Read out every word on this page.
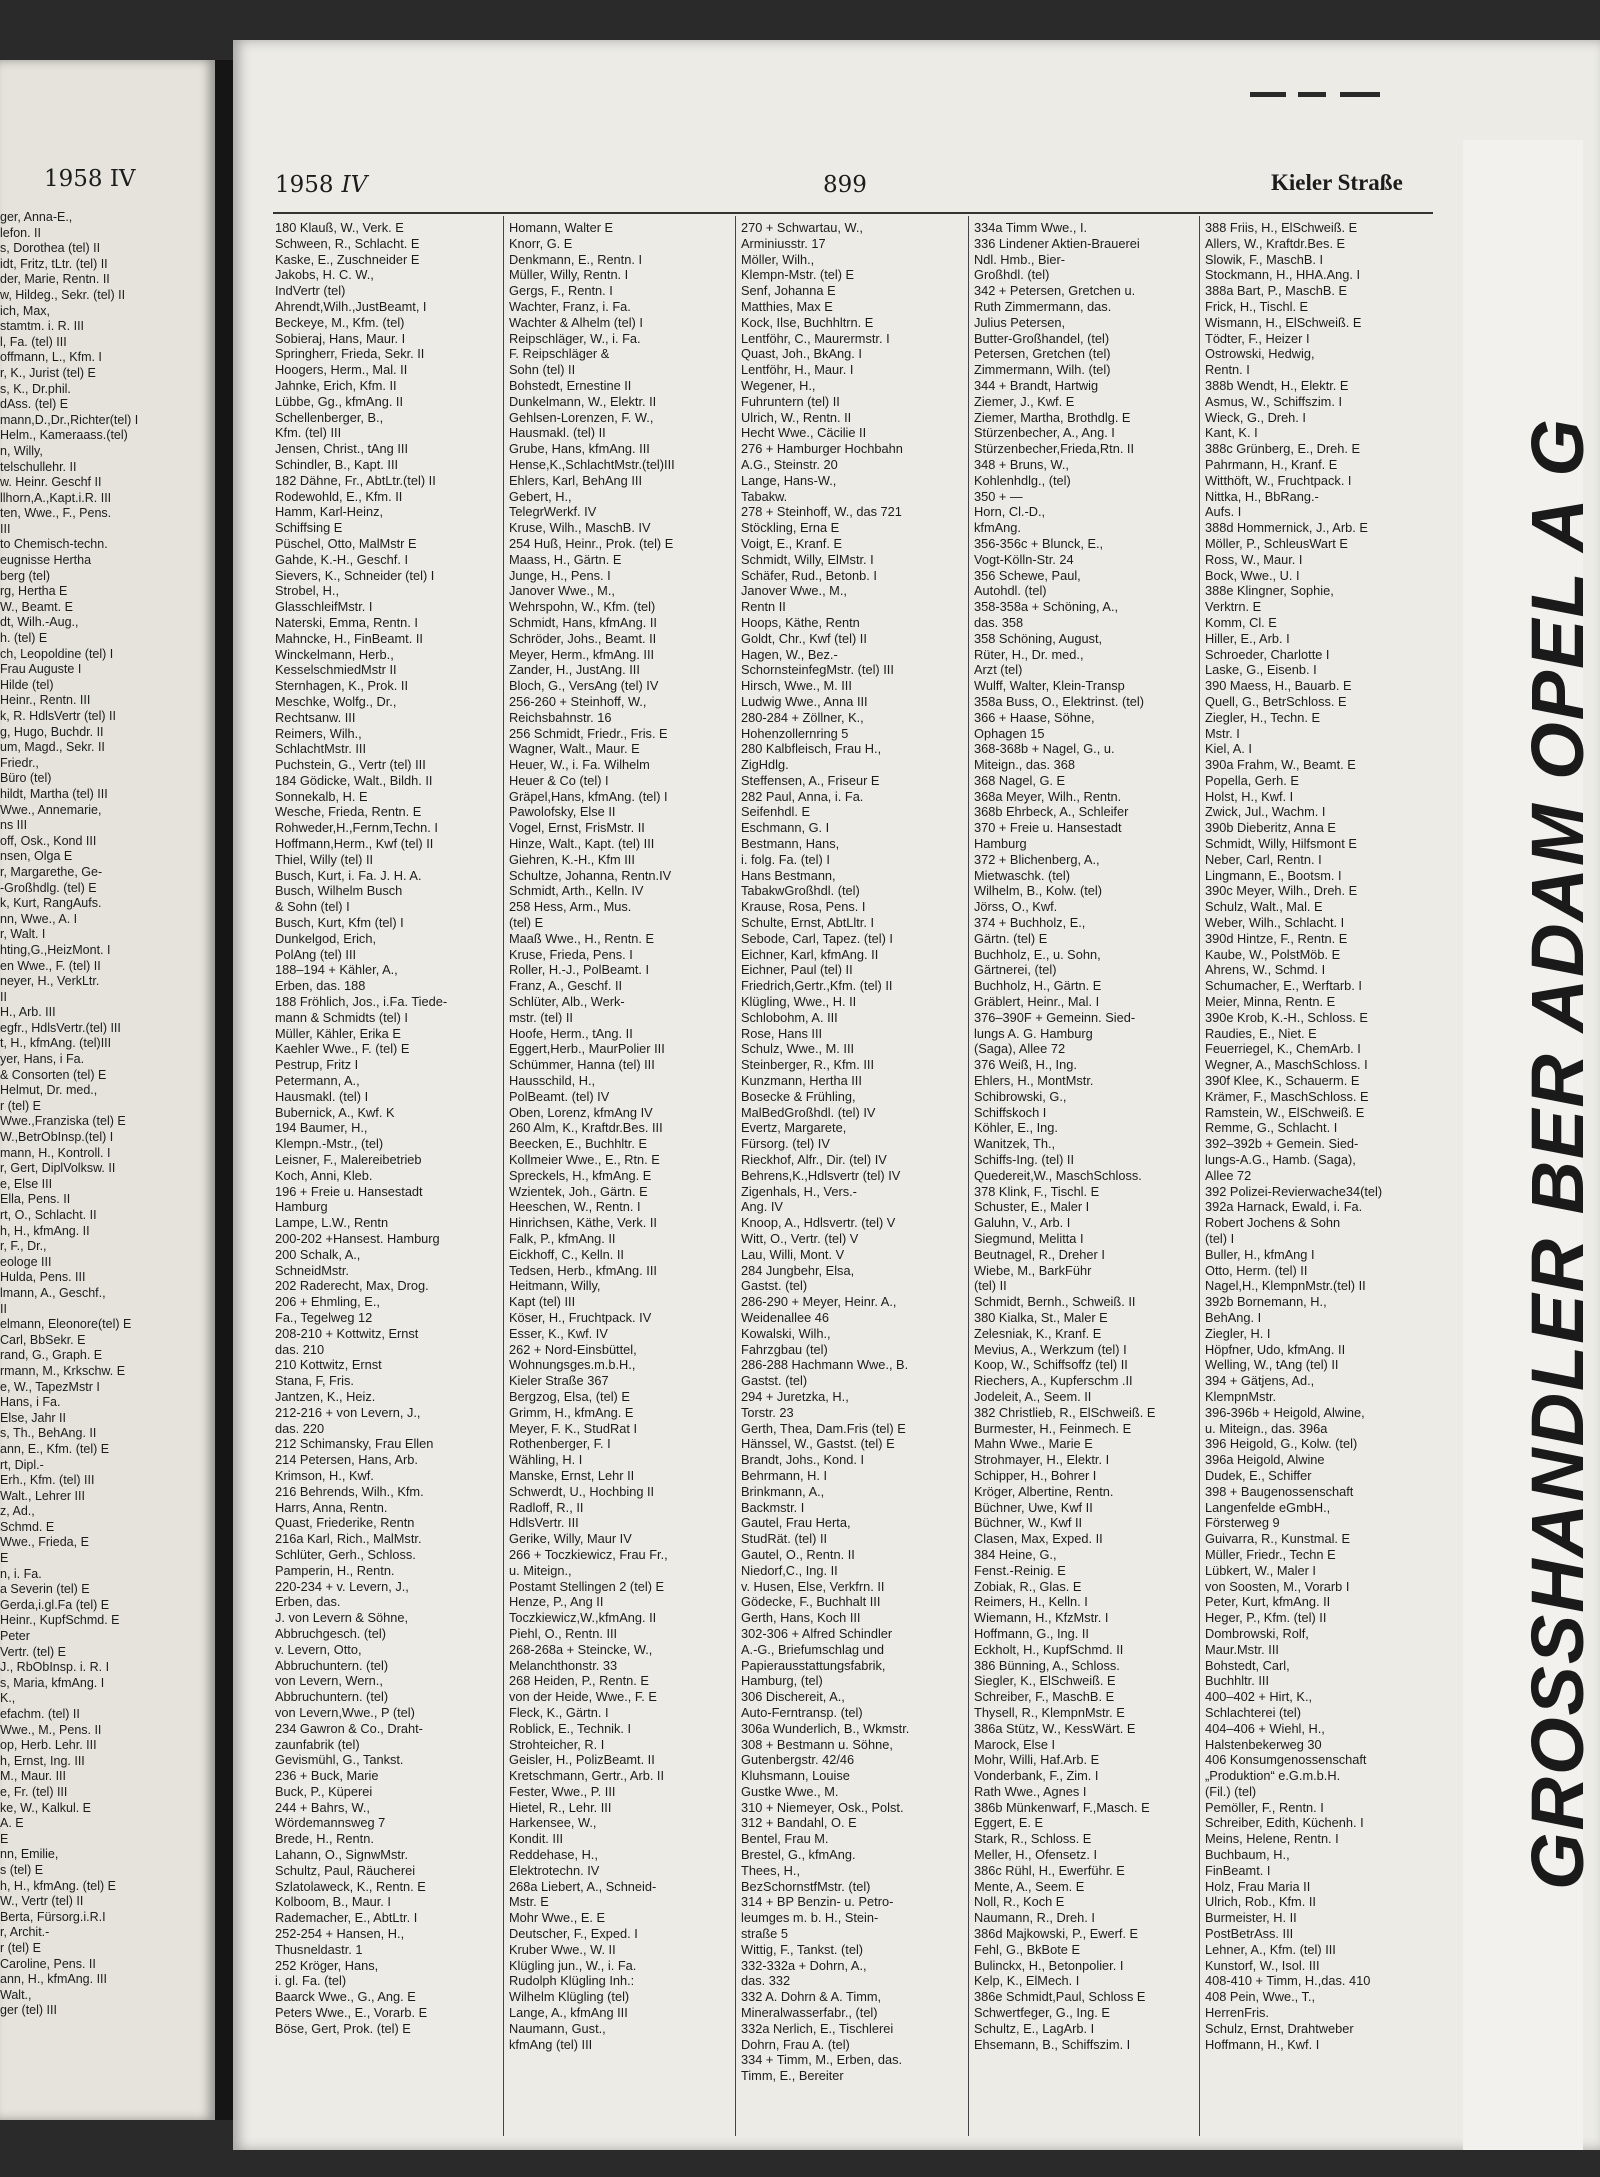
1958 IV
ger, Anna-E.,
lefon. II
s, Dorothea (tel) II
idt, Fritz, tLtr. (tel) II
der, Marie, Rentn. II
w, Hildeg., Sekr. (tel) II
ich, Max,
stamtm. i. R. III
l, Fa. (tel) III
offmann, L., Kfm. I
r, K., Jurist (tel) E
s, K., Dr.phil.
dAss. (tel) E
mann,D.,Dr.,Richter(tel) I
Helm., Kameraass.(tel)
n, Willy,
telschullehr. II
w. Heinr. Geschf II
llhorn,A.,Kapt.i.R. III
ten, Wwe., F., Pens.
III
to Chemisch-techn.
eugnisse Hertha
berg (tel)
rg, Hertha E
W., Beamt. E
dt, Wilh.-Aug.,
h. (tel) E
ch, Leopoldine (tel) I
Frau Auguste I
Hilde (tel)
Heinr., Rentn. III
k, R. HdlsVertr (tel) II
g, Hugo, Buchdr. II
um, Magd., Sekr. II
Friedr.,
Büro (tel)
hildt, Martha (tel) III
Wwe., Annemarie,
ns III
off, Osk., Kond III
nsen, Olga E
r, Margarethe, Ge-
-Großhdlg. (tel) E
k, Kurt, RangAufs.
nn, Wwe., A. I
r, Walt. I
hting,G.,HeizMont. I
en Wwe., F. (tel) II
neyer, H., VerkLtr.
II
H., Arb. III
egfr., HdlsVertr.(tel) III
t, H., kfmAng. (tel)III
yer, Hans, i Fa.
& Consorten (tel) E
Helmut, Dr. med.,
r (tel) E
Wwe.,Franziska (tel) E
W.,BetrObInsp.(tel) I
mann, H., Kontroll. I
r, Gert, DiplVolksw. II
e, Else III
Ella, Pens. II
rt, O., Schlacht. II
h, H., kfmAng. II
r, F., Dr.,
eologe III
Hulda, Pens. III
lmann, A., Geschf.,
II
elmann, Eleonore(tel) E
Carl, BbSekr. E
rand, G., Graph. E
rmann, M., Krkschw. E
e, W., TapezMstr I
Hans, i Fa.
Else, Jahr II
s, Th., BehAng. II
ann, E., Kfm. (tel) E
rt, Dipl.-
Erh., Kfm. (tel) III
Walt., Lehrer III
z, Ad.,
Schmd. E
Wwe., Frieda, E
E
n, i. Fa.
a Severin (tel) E
Gerda,i.gl.Fa (tel) E
Heinr., KupfSchmd. E
Peter
Vertr. (tel) E
J., RbObInsp. i. R. I
s, Maria, kfmAng. I
K.,
efachm. (tel) II
Wwe., M., Pens. II
op, Herb. Lehr. III
h, Ernst, Ing. III
M., Maur. III
e, Fr. (tel) III
ke, W., Kalkul. E
A. E
E
nn, Emilie,
s (tel) E
h, H., kfmAng. (tel) E
W., Vertr (tel) II
Berta, Fürsorg.i.R.I
r, Archit.-
r (tel) E
Caroline, Pens. II
ann, H., kfmAng. III
Walt.,
ger (tel) III
1958 IV	899	Kieler Straße
180 Klauß, W., Verk. E
Schween, R., Schlacht. E
Kaske, E., Zuschneider E
Jakobs, H. C. W.,
IndVertr (tel)
Ahrendt,Wilh.,JustBeamt, I
Beckeye, M., Kfm. (tel)
Sobieraj, Hans, Maur. I
Springherr, Frieda, Sekr. II
Hoogers, Herm., Mal. II
Jahnke, Erich, Kfm. II
Lübbe, Gg., kfmAng. II
Schellenberger, B.,
Kfm. (tel) III
Jensen, Christ., tAng III
Schindler, B., Kapt. III
182 Dähne, Fr., AbtLtr.(tel) II
Rodewohld, E., Kfm. II
Hamm, Karl-Heinz,
Schiffsing E
Püschel, Otto, MalMstr E
Gahde, K.-H., Geschf. I
Sievers, K., Schneider (tel) I
Strobel, H.,
GlasschleifMstr. I
Naterski, Emma, Rentn. I
Mahncke, H., FinBeamt. II
Winckelmann, Herb.,
KesselschmiedMstr II
Sternhagen, K., Prok. II
Meschke, Wolfg., Dr.,
Rechtsanw. III
Reimers, Wilh.,
SchlachtMstr. III
Puchstein, G., Vertr (tel) III
184 Gödicke, Walt., Bildh. II
Sonnekalb, H. E
Wesche, Frieda, Rentn. E
Rohweder,H.,Fernm,Techn. I
Hoffmann,Herm., Kwf (tel) II
Thiel, Willy (tel) II
Busch, Kurt, i. Fa. J. H. A.
Busch, Wilhelm Busch
& Sohn (tel) I
Busch, Kurt, Kfm (tel) I
Dunkelgod, Erich,
PolAng (tel) III
188–194 + Kähler, A.,
Erben, das. 188
188 Fröhlich, Jos., i.Fa. Tiede-
mann & Schmidts (tel) I
Müller, Kähler, Erika E
Kaehler Wwe., F. (tel) E
Pestrup, Fritz I
Petermann, A.,
Hausmakl. (tel) I
Bubernick, A., Kwf. K
194 Baumer, H.,
Klempn.-Mstr., (tel)
Leisner, F., Malereibetrieb
Koch, Anni, Kleb.
196 + Freie u. Hansestadt
Hamburg
Lampe, L.W., Rentn
200-202 +Hansest. Hamburg
200 Schalk, A.,
SchneidMstr.
202 Raderecht, Max, Drog.
206 + Ehmling, E.,
Fa., Tegelweg 12
208-210 + Kottwitz, Ernst
das. 210
210 Kottwitz, Ernst
Stana, F, Fris.
Jantzen, K., Heiz.
212-216 + von Levern, J.,
das. 220
212 Schimansky, Frau Ellen
214 Petersen, Hans, Arb.
Krimson, H., Kwf.
216 Behrends, Wilh., Kfm.
Harrs, Anna, Rentn.
Quast, Friederike, Rentn
216a Karl, Rich., MalMstr.
Schlüter, Gerh., Schloss.
Pamperin, H., Rentn.
220-234 + v. Levern, J.,
Erben, das.
J. von Levern & Söhne,
Abbruchgesch. (tel)
v. Levern, Otto,
Abbruchuntern. (tel)
von Levern, Wern.,
Abbruchuntern. (tel)
von Levern,Wwe., P (tel)
234 Gawron & Co., Draht-
zaunfabrik (tel)
Gevismühl, G., Tankst.
236 + Buck, Marie
Buck, P., Küperei
244 + Bahrs, W.,
Wördemannsweg 7
Brede, H., Rentn.
Lahann, O., SignwMstr.
Schultz, Paul, Räucherei
Szlatolaweck, K., Rentn. E
Kolboom, B., Maur. I
Rademacher, E., AbtLtr. I
252-254 + Hansen, H.,
Thusneldastr. 1
252 Kröger, Hans,
i. gl. Fa. (tel)
Baarck Wwe., G., Ang. E
Peters Wwe., E., Vorarb. E
Böse, Gert, Prok. (tel) E
Homann, Walter E
Knorr, G. E
Denkmann, E., Rentn. I
Müller, Willy, Rentn. I
Gergs, F., Rentn. I
Wachter, Franz, i. Fa.
Wachter & Alhelm (tel) I
Reipschläger, W., i. Fa.
F. Reipschläger &
Sohn (tel) II
Bohstedt, Ernestine II
Dunkelmann, W., Elektr. II
Gehlsen-Lorenzen, F. W.,
Hausmakl. (tel) II
Grube, Hans, kfmAng. III
Hense,K.,SchlachtMstr.(tel)III
Ehlers, Karl, BehAng III
Gebert, H.,
TelegrWerkf. IV
Kruse, Wilh., MaschB. IV
254 Huß, Heinr., Prok. (tel) E
Maass, H., Gärtn. E
Junge, H., Pens. I
Janover Wwe., M.,
Wehrspohn, W., Kfm. (tel)
Schmidt, Hans, kfmAng. II
Schröder, Johs., Beamt. II
Meyer, Herm., kfmAng. III
Zander, H., JustAng. III
Bloch, G., VersAng (tel) IV
256-260 + Steinhoff, W.,
Reichsbahnstr. 16
256 Schmidt, Friedr., Fris. E
Wagner, Walt., Maur. E
Heuer, W., i. Fa. Wilhelm
Heuer & Co (tel) I
Gräpel,Hans, kfmAng. (tel) I
Pawolofsky, Else II
Vogel, Ernst, FrisMstr. II
Hinze, Walt., Kapt. (tel) III
Giehren, K.-H., Kfm III
Schultze, Johanna, Rentn.IV
Schmidt, Arth., Kelln. IV
258 Hess, Arm., Mus.
(tel) E
Maaß Wwe., H., Rentn. E
Kruse, Frieda, Pens. I
Roller, H.-J., PolBeamt. I
Franz, A., Geschf. II
Schlüter, Alb., Werk-
mstr. (tel) II
Hoofe, Herm., tAng. II
Eggert,Herb., MaurPolier III
Schümmer, Hanna (tel) III
Hausschild, H.,
PolBeamt. (tel) IV
Oben, Lorenz, kfmAng IV
260 Alm, K., Kraftdr.Bes. III
Beecken, E., Buchhltr. E
Kollmeier Wwe., E., Rtn. E
Spreckels, H., kfmAng. E
Wzientek, Joh., Gärtn. E
Heeschen, W., Rentn. I
Hinrichsen, Käthe, Verk. II
Falk, P., kfmAng. II
Eickhoff, C., Kelln. II
Tedsen, Herb., kfmAng. III
Heitmann, Willy,
Kapt (tel) III
Köser, H., Fruchtpack. IV
Esser, K., Kwf. IV
262 + Nord-Einsbüttel,
Wohnungsges.m.b.H.,
Kieler Straße 367
Bergzog, Elsa, (tel) E
Grimm, H., kfmAng. E
Meyer, F. K., StudRat I
Rothenberger, F. I
Wähling, H. I
Manske, Ernst, Lehr II
Schwerdt, U., Hochbing II
Radloff, R., II
HdlsVertr. III
Gerike, Willy, Maur IV
266 + Toczkiewicz, Frau Fr.,
u. Miteign.,
Postamt Stellingen 2 (tel) E
Henze, P., Ang II
Toczkiewicz,W.,kfmAng. II
Piehl, O., Rentn. III
268-268a + Steincke, W.,
Melanchthonstr. 33
268 Heiden, P., Rentn. E
von der Heide, Wwe., F. E
Fleck, K., Gärtn. I
Roblick, E., Technik. I
Strohteicher, R. I
Geisler, H., PolizBeamt. II
Kretschmann, Gertr., Arb. II
Fester, Wwe., P. III
Hietel, R., Lehr. III
Harkensee, W.,
Kondit. III
Reddehase, H.,
Elektrotechn. IV
268a Liebert, A., Schneid-
Mstr. E
Mohr Wwe., E. E
Deutscher, F., Exped. I
Kruber Wwe., W. II
Klügling jun., W., i. Fa.
Rudolph Klügling Inh.:
Wilhelm Klügling (tel)
Lange, A., kfmAng III
Naumann, Gust.,
kfmAng (tel) III
270 + Schwartau, W.,
Arminiusstr. 17
Möller, Wilh.,
Klempn-Mstr. (tel) E
Senf, Johanna E
Matthies, Max E
Kock, Ilse, Buchhltrn. E
Lentföhr, C., Maurermstr. I
Quast, Joh., BkAng. I
Lentföhr, H., Maur. I
Wegener, H.,
Fuhruntern (tel) II
Ulrich, W., Rentn. II
Hecht Wwe., Cäcilie II
276 + Hamburger Hochbahn
A.G., Steinstr. 20
Lange, Hans-W.,
Tabakw.
278 + Steinhoff, W., das 721
Stöckling, Erna E
Voigt, E., Kranf. E
Schmidt, Willy, ElMstr. I
Schäfer, Rud., Betonb. I
Janover Wwe., M.,
Rentn II
Hoops, Käthe, Rentn
Goldt, Chr., Kwf (tel) II
Hagen, W., Bez.-
SchornsteinfegMstr. (tel) III
Hirsch, Wwe., M. III
Ludwig Wwe., Anna III
280-284 + Zöllner, K.,
Hohenzollernring 5
280 Kalbfleisch, Frau H.,
ZigHdlg.
Steffensen, A., Friseur E
282 Paul, Anna, i. Fa.
Seifenhdl. E
Eschmann, G. I
Bestmann, Hans,
i. folg. Fa. (tel) I
Hans Bestmann,
TabakwGroßhdl. (tel)
Krause, Rosa, Pens. I
Schulte, Ernst, AbtLltr. I
Sebode, Carl, Tapez. (tel) I
Eichner, Karl, kfmAng. II
Eichner, Paul (tel) II
Friedrich,Gertr.,Kfm. (tel) II
Klügling, Wwe., H. II
Schlobohm, A. III
Rose, Hans III
Schulz, Wwe., M. III
Steinberger, R., Kfm. III
Kunzmann, Hertha III
Bosecke & Frühling,
MalBedGroßhdl. (tel) IV
Evertz, Margarete,
Fürsorg. (tel) IV
Rieckhof, Alfr., Dir. (tel) IV
Behrens,K.,Hdlsvertr (tel) IV
Zigenhals, H., Vers.-
Ang. IV
Knoop, A., Hdlsvertr. (tel) V
Witt, O., Vertr. (tel) V
Lau, Willi, Mont. V
284 Jungbehr, Elsa,
Gastst. (tel)
286-290 + Meyer, Heinr. A.,
Weidenallee 46
Kowalski, Wilh.,
Fahrzgbau (tel)
286-288 Hachmann Wwe., B.
Gastst. (tel)
294 + Juretzka, H.,
Torstr. 23
Gerth, Thea, Dam.Fris (tel) E
Hänssel, W., Gastst. (tel) E
Brandt, Johs., Kond. I
Behrmann, H. I
Brinkmann, A.,
Backmstr. I
Gautel, Frau Herta,
StudRät. (tel) II
Gautel, O., Rentn. II
Niedorf,C., Ing. II
v. Husen, Else, Verkfrn. II
Gödecke, F., Buchhalt III
Gerth, Hans, Koch III
302-306 + Alfred Schindler
A.-G., Briefumschlag und
Papierausstattungsfabrik,
Hamburg, (tel)
306 Dischereit, A.,
Auto-Ferntransp. (tel)
306a Wunderlich, B., Wkmstr.
308 + Bestmann u. Söhne,
Gutenbergstr. 42/46
Kluhsmann, Louise
Gustke Wwe., M.
310 + Niemeyer, Osk., Polst.
312 + Bandahl, O. E
Bentel, Frau M.
Brestel, G., kfmAng.
Thees, H.,
BezSchornstfMstr. (tel)
314 + BP Benzin- u. Petro-
leumges m. b. H., Stein-
straße 5
Wittig, F., Tankst. (tel)
332-332a + Dohrn, A.,
das. 332
332 A. Dohrn & A. Timm,
Mineralwasserfabr., (tel)
332a Nerlich, E., Tischlerei
Dohrn, Frau A. (tel)
334 + Timm, M., Erben, das.
Timm, E., Bereiter
334a Timm Wwe., I.
336 Lindener Aktien-Brauerei
Ndl. Hmb., Bier-
Großhdl. (tel)
342 + Petersen, Gretchen u.
Ruth Zimmermann, das.
Julius Petersen,
Butter-Großhandel, (tel)
Petersen, Gretchen (tel)
Zimmermann, Wilh. (tel)
344 + Brandt, Hartwig
Ziemer, J., Kwf. E
Ziemer, Martha, Brothdlg. E
Stürzenbecher, A., Ang. I
Stürzenbecher,Frieda,Rtn. II
348 + Bruns, W.,
Kohlenhdlg., (tel)
350 + —
Horn, Cl.-D.,
kfmAng.
356-356c + Blunck, E.,
Vogt-Kölln-Str. 24
356 Schewe, Paul,
Autohdl. (tel)
358-358a + Schöning, A.,
das. 358
358 Schöning, August,
Rüter, H., Dr. med.,
Arzt (tel)
Wulff, Walter, Klein-Transp
358a Buss, O., Elektrinst. (tel)
366 + Haase, Söhne,
Ophagen 15
368-368b + Nagel, G., u.
Miteign., das. 368
368 Nagel, G. E
368a Meyer, Wilh., Rentn.
368b Ehrbeck, A., Schleifer
370 + Freie u. Hansestadt
Hamburg
372 + Blichenberg, A.,
Mietwaschk. (tel)
Wilhelm, B., Kolw. (tel)
Jörss, O., Kwf.
374 + Buchholz, E.,
Gärtn. (tel) E
Buchholz, E., u. Sohn,
Gärtnerei, (tel)
Buchholz, H., Gärtn. E
Gräblert, Heinr., Mal. I
376–390F + Gemeinn. Sied-
lungs A. G. Hamburg
(Saga), Allee 72
376 Weiß, H., Ing.
Ehlers, H., MontMstr.
Schibrowski, G.,
Schiffskoch I
Köhler, E., Ing.
Wanitzek, Th.,
Schiffs-Ing. (tel) II
Quedereit,W., MaschSchloss.
378 Klink, F., Tischl. E
Schuster, E., Maler I
Galuhn, V., Arb. I
Siegmund, Melitta I
Beutnagel, R., Dreher I
Wiebe, M., BarkFühr
(tel) II
Schmidt, Bernh., Schweiß. II
380 Kialka, St., Maler E
Zelesniak, K., Kranf. E
Mevius, A., Werkzum (tel) I
Koop, W., Schiffsoffz (tel) II
Riechers, A., Kupferschm .II
Jodeleit, A., Seem. II
382 Christlieb, R., ElSchweiß. E
Burmester, H., Feinmech. E
Mahn Wwe., Marie E
Strohmayer, H., Elektr. I
Schipper, H., Bohrer I
Kröger, Albertine, Rentn.
Büchner, Uwe, Kwf II
Büchner, W., Kwf II
Clasen, Max, Exped. II
384 Heine, G.,
Fenst.-Reinig. E
Zobiak, R., Glas. E
Reimers, H., Kelln. I
Wiemann, H., KfzMstr. I
Hoffmann, G., Ing. II
Eckholt, H., KupfSchmd. II
386 Bünning, A., Schloss.
Siegler, K., ElSchweiß. E
Schreiber, F., MaschB. E
Thysell, R., KlempnMstr. E
386a Stütz, W., KessWärt. E
Marock, Else I
Mohr, Willi, Haf.Arb. E
Vonderbank, F., Zim. I
Rath Wwe., Agnes I
386b Münkenwarf, F.,Masch. E
Eggert, E. E
Stark, R., Schloss. E
Meller, H., Ofensetz. I
386c Rühl, H., Ewerführ. E
Mente, A., Seem. E
Noll, R., Koch E
Naumann, R., Dreh. I
386d Majkowski, P., Ewerf. E
Fehl, G., BkBote E
Bulinckx, H., Betonpolier. I
Kelp, K., ElMech. I
386e Schmidt,Paul, Schloss E
Schwertfeger, G., Ing. E
Schultz, E., LagArb. I
Ehsemann, B., Schiffszim. I
388 Friis, H., ElSchweiß. E
Allers, W., Kraftdr.Bes. E
Slowik, F., MaschB. I
Stockmann, H., HHA.Ang. I
388a Bart, P., MaschB. E
Frick, H., Tischl. E
Wismann, H., ElSchweiß. E
Tödter, F., Heizer I
Ostrowski, Hedwig,
Rentn. I
388b Wendt, H., Elektr. E
Asmus, W., Schiffszim. I
Wieck, G., Dreh. I
Kant, K. I
388c Grünberg, E., Dreh. E
Pahrmann, H., Kranf. E
Witthöft, W., Fruchtpack. I
Nittka, H., BbRang.-
Aufs. I
388d Hommernick, J., Arb. E
Möller, P., SchleusWart E
Ross, W., Maur. I
Bock, Wwe., U. I
388e Klingner, Sophie,
Verktrn. E
Komm, Cl. E
Hiller, E., Arb. I
Schroeder, Charlotte I
Laske, G., Eisenb. I
390 Maess, H., Bauarb. E
Quell, G., BetrSchloss. E
Ziegler, H., Techn. E
Mstr. I
Kiel, A. I
390a Frahm, W., Beamt. E
Popella, Gerh. E
Holst, H., Kwf. I
Zwick, Jul., Wachm. I
390b Dieberitz, Anna E
Schmidt, Willy, Hilfsmont E
Neber, Carl, Rentn. I
Lingmann, E., Bootsm. I
390c Meyer, Wilh., Dreh. E
Schulz, Walt., Mal. E
Weber, Wilh., Schlacht. I
390d Hintze, F., Rentn. E
Kaube, W., PolstMöb. E
Ahrens, W., Schmd. I
Schumacher, E., Werftarb. I
Meier, Minna, Rentn. E
390e Krob, K.-H., Schloss. E
Raudies, E., Niet. E
Feuerriegel, K., ChemArb. I
Wegner, A., MaschSchloss. I
390f Klee, K., Schauerm. E
Krämer, F., MaschSchloss. E
Ramstein, W., ElSchweiß. E
Remme, G., Schlacht. I
392–392b + Gemein. Sied-
lungs-A.G., Hamb. (Saga),
Allee 72
392 Polizei-Revierwache34(tel)
392a Harnack, Ewald, i. Fa.
Robert Jochens & Sohn
(tel) I
Buller, H., kfmAng I
Otto, Herm. (tel) II
Nagel,H., KlempnMstr.(tel) II
392b Bornemann, H.,
BehAng. I
Ziegler, H. I
Höpfner, Udo, kfmAng. II
Welling, W., tAng (tel) II
394 + Gätjens, Ad.,
KlempnMstr.
396-396b + Heigold, Alwine,
u. Miteign., das. 396a
396 Heigold, G., Kolw. (tel)
396a Heigold, Alwine
Dudek, E., Schiffer
398 + Baugenossenschaft
Langenfelde eGmbH.,
Försterweg 9
Guivarra, R., Kunstmal. E
Müller, Friedr., Techn E
Lübkert, W., Maler I
von Soosten, M., Vorarb I
Peter, Kurt, kfmAng. II
Heger, P., Kfm. (tel) II
Dombrowski, Rolf,
Maur.Mstr. III
Bohstedt, Carl,
Buchhltr. III
400–402 + Hirt, K.,
Schlachterei (tel)
404–406 + Wiehl, H.,
Halstenbekerweg 30
406 Konsumgenossenschaft
„Produktion“ e.G.m.b.H.
(Fil.) (tel)
Pemöller, F., Rentn. I
Schreiber, Edith, Küchenh. I
Meins, Helene, Rentn. I
Buchbaum, H.,
FinBeamt. I
Holz, Frau Maria II
Ulrich, Rob., Kfm. II
Burmeister, H. II
PostBetrAss. III
Lehner, A., Kfm. (tel) III
Kunstorf, W., Isol. III
408-410 + Timm, H.,das. 410
408 Pein, Wwe., T.,
HerrenFris.
Schulz, Ernst, Drahtweber
Hoffmann, H., Kwf. I
GROSSHANDLER BER ADAM OPEL A G
